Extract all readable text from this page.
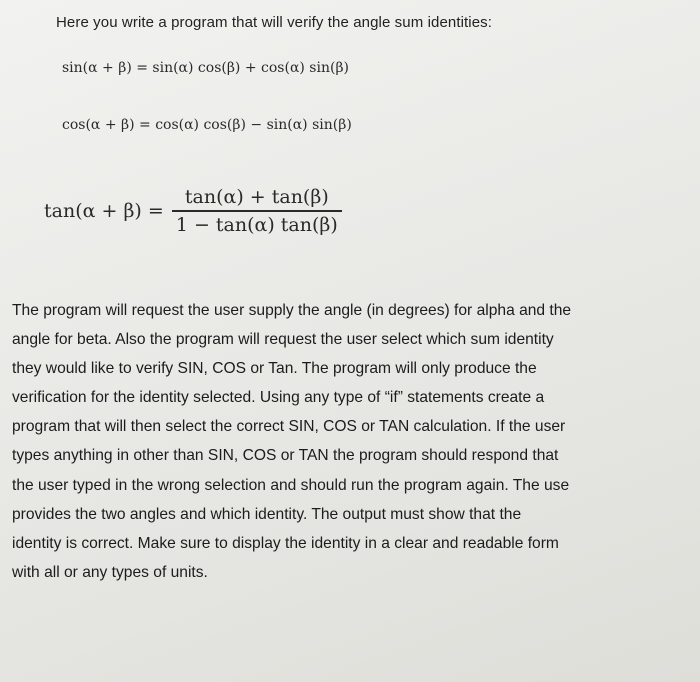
Here you write a program that will verify the angle sum identities:
sin(α + β) = sin(α) cos(β) + cos(α) sin(β)
cos(α + β) = cos(α) cos(β) − sin(α) sin(β)
$\tan(\alpha + \beta) = \frac{\tan(\alpha) + \tan(\beta)}{1 - \tan(\alpha) \tan(\beta)}$
The program will request the user supply the angle (in degrees) for alpha and the
angle for beta. Also the program will request the user select which sum identity
they would like to verify SIN, COS or Tan. The program will only produce the
verification for the identity selected. Using any type of “if” statements create a
program that will then select the correct SIN, COS or TAN calculation. If the user
types anything in other than SIN, COS or TAN the program should respond that
the user typed in the wrong selection and should run the program again. The use
provides the two angles and which identity. The output must show that the
identity is correct. Make sure to display the identity in a clear and readable form
with all or any types of units.
